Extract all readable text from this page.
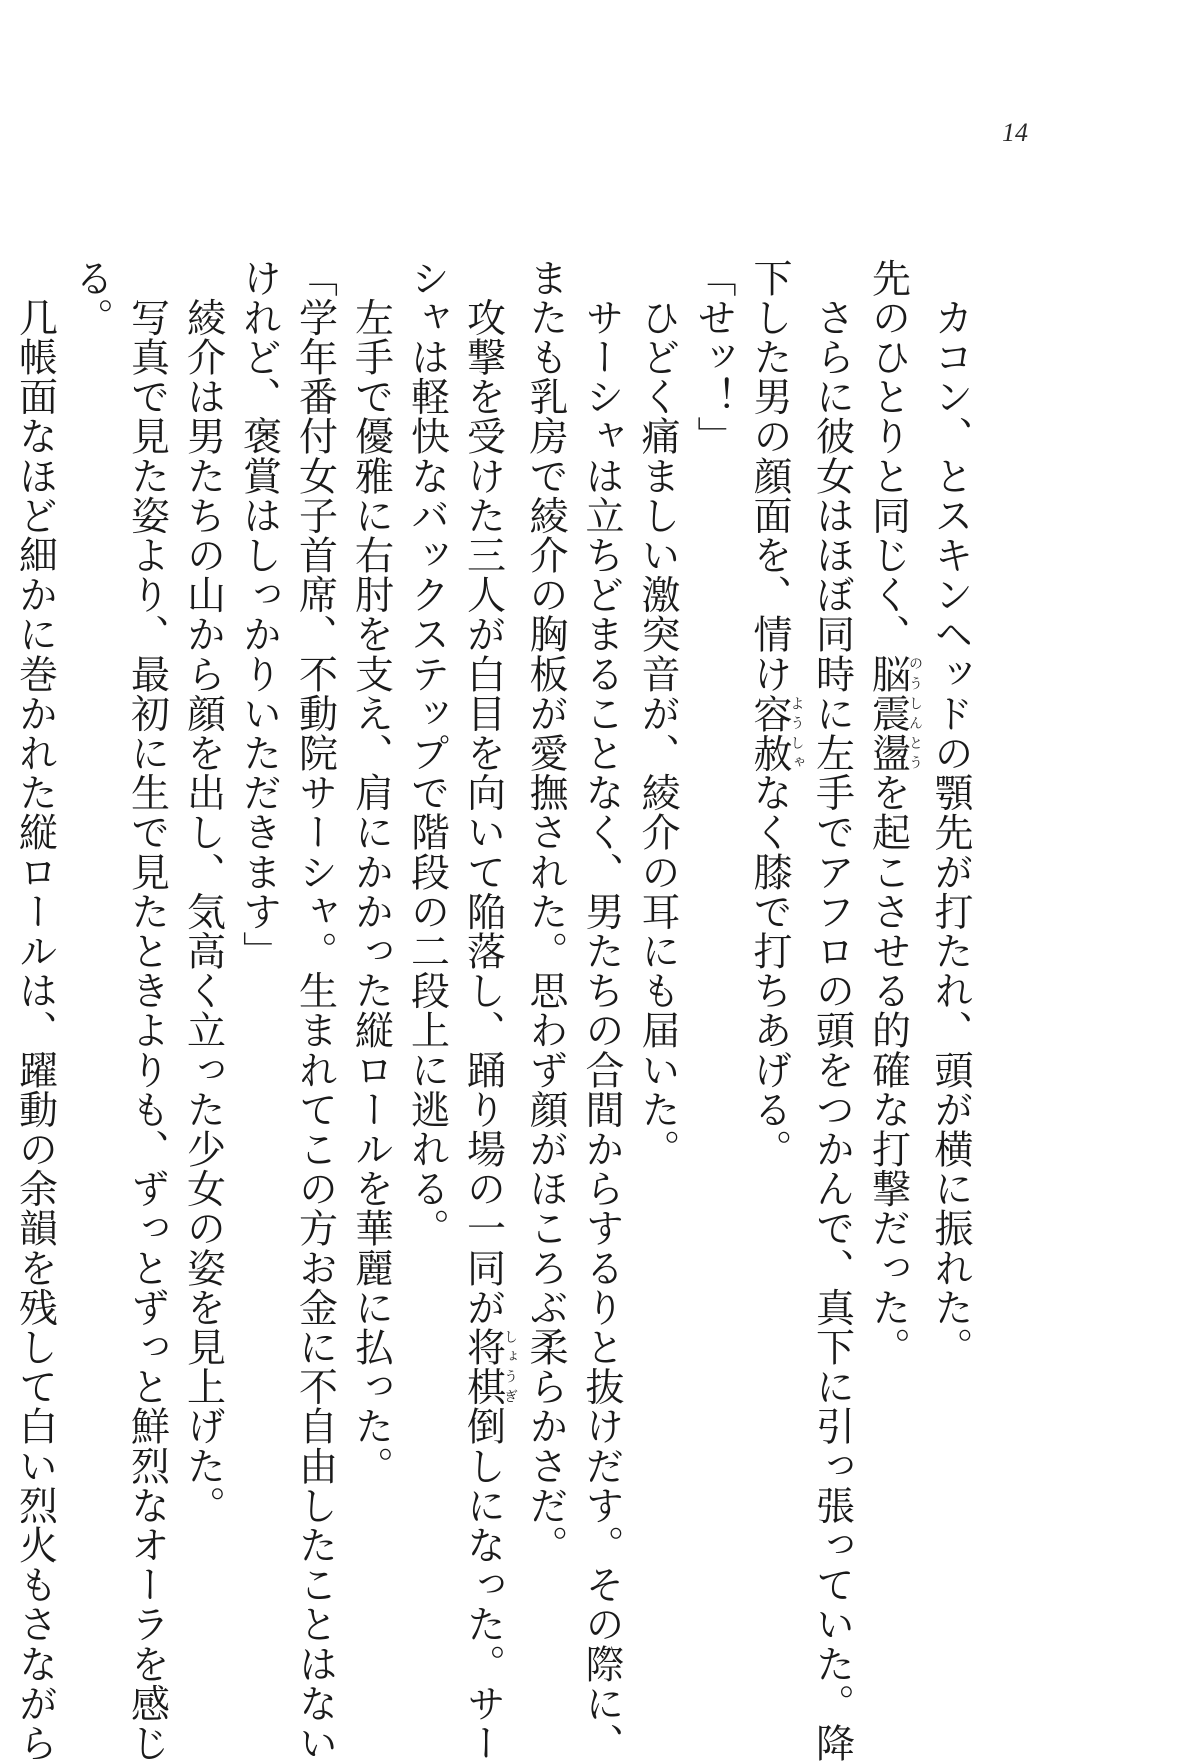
14
　カコン、とスキンヘッドの顎先が打たれ、頭が横に振れた。
先のひとりと同じく、脳震盪のうしんとうを起こさせる的確な打撃だった。
　さらに彼女はほぼ同時に左手でアフロの頭をつかんで、真下に引っ張っていた。降
下した男の顔面を、情け容赦ようしゃなく膝で打ちあげる。
「せッ！」
　ひどく痛ましい激突音が、綾介の耳にも届いた。
　サーシャは立ちどまることなく、男たちの合間からするりと抜けだす。その際に、
またも乳房で綾介の胸板が愛撫された。思わず顔がほころぶ柔らかさだ。
　攻撃を受けた三人が白目を向いて陥落し、踊り場の一同が将棋しょうぎ倒しになった。サー
シャは軽快なバックステップで階段の二段上に逃れる。
　左手で優雅に右肘を支え、肩にかかった縦ロールを華麗に払った。
「学年番付女子首席、不動院サーシャ。生まれてこの方お金に不自由したことはない
けれど、褒賞はしっかりいただきます」
　綾介は男たちの山から顔を出し、気高く立った少女の姿を見上げた。
　写真で見た姿より、最初に生で見たときよりも、ずっとずっと鮮烈なオーラを感じ
る。
　几帳面なほど細かに巻かれた縦ロールは、躍動の余韻を残して白い烈火もさながら
